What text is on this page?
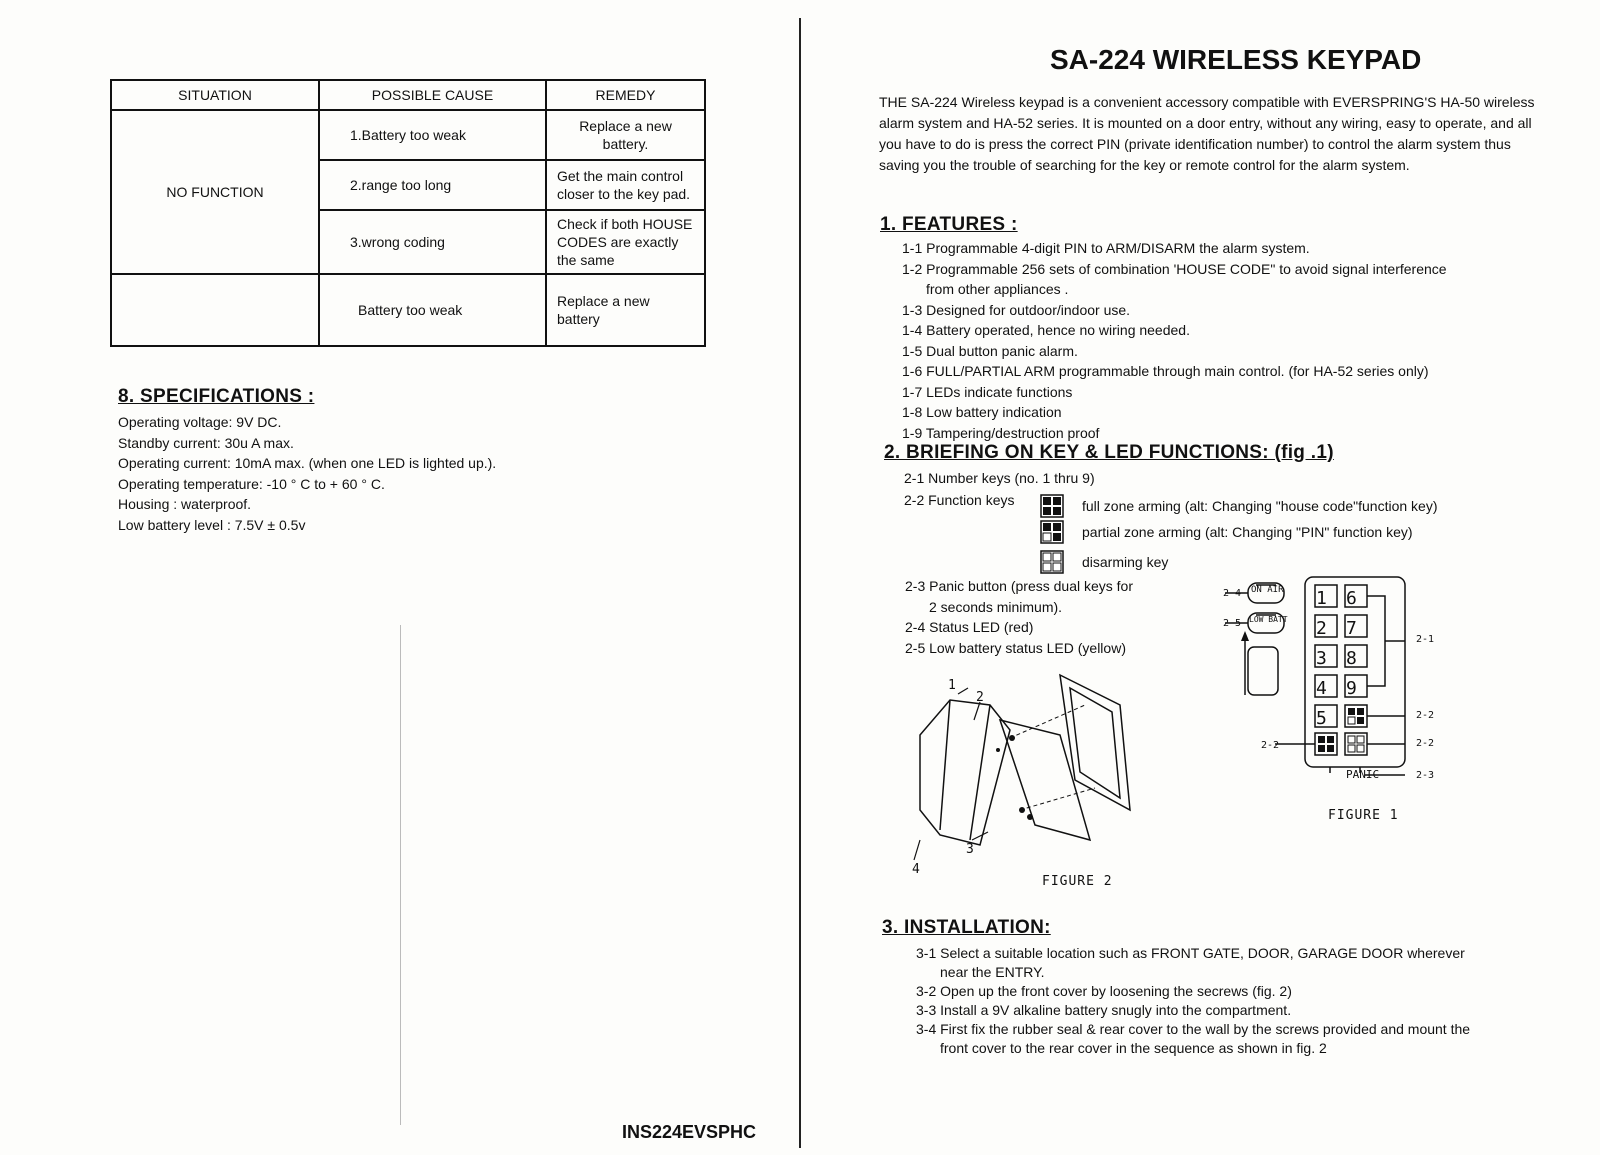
SITUATION	POSSIBLE CAUSE	REMEDY
NO FUNCTION	1.Battery too weak	Replace a new battery.
	2.range too long	Get the main control closer to the key pad.
	3.wrong coding	Check if both HOUSE CODES are exactly the same
	Battery too weak	Replace a new battery
8. SPECIFICATIONS :
Operating voltage: 9V DC.
Standby current: 30u A max.
Operating current: 10mA max. (when one LED is lighted up.).
Operating temperature: -10 ° C to + 60 ° C.
Housing : waterproof.
Low battery level : 7.5V ± 0.5v
INS224EVSPHC
SA-224 WIRELESS KEYPAD
THE SA-224 Wireless keypad is a convenient accessory compatible with EVERSPRING'S HA-50 wireless alarm system and HA-52 series. It is mounted on a door entry, without any wiring, easy to operate, and all you have to do is press the correct PIN (private identification number) to control the alarm system thus saving you the trouble of searching for the key or remote control for the alarm system.
1. FEATURES :
1-1 Programmable 4-digit PIN to ARM/DISARM the alarm system.
1-2 Programmable 256 sets of combination 'HOUSE CODE" to avoid signal interference
from other appliances .
1-3 Designed for outdoor/indoor use.
1-4 Battery operated, hence no wiring needed.
1-5 Dual button panic alarm.
1-6 FULL/PARTIAL ARM programmable through main control. (for HA-52 series only)
1-7 LEDs indicate functions
1-8 Low battery indication
1-9 Tampering/destruction proof
2. BRIEFING ON KEY & LED FUNCTIONS: (fig .1)
2-1 Number keys (no. 1 thru 9)
2-2 Function keys	full zone arming (alt: Changing "house code"function key)
partial zone arming (alt: Changing "PIN" function key)
disarming key
2-3 Panic button (press dual keys for
2 seconds minimum).
2-4 Status LED (red)
2-5 Low battery status LED (yellow)
ON AIR
LOW BATT
1 6
2 7
3 8
4 9
5
PANIC
2-4
2-5
2-1
2-2
2-2
2-2
2-3
FIGURE 1
1
2
3
4
FIGURE 2
3. INSTALLATION:
3-1 Select a suitable location such as FRONT GATE, DOOR, GARAGE DOOR wherever
near the ENTRY.
3-2 Open up the front cover by loosening the secrews (fig. 2)
3-3 Install a 9V alkaline battery snugly into the compartment.
3-4 First fix the rubber seal & rear cover to the wall by the screws provided and mount the
front cover to the rear cover in the sequence as shown in fig. 2
